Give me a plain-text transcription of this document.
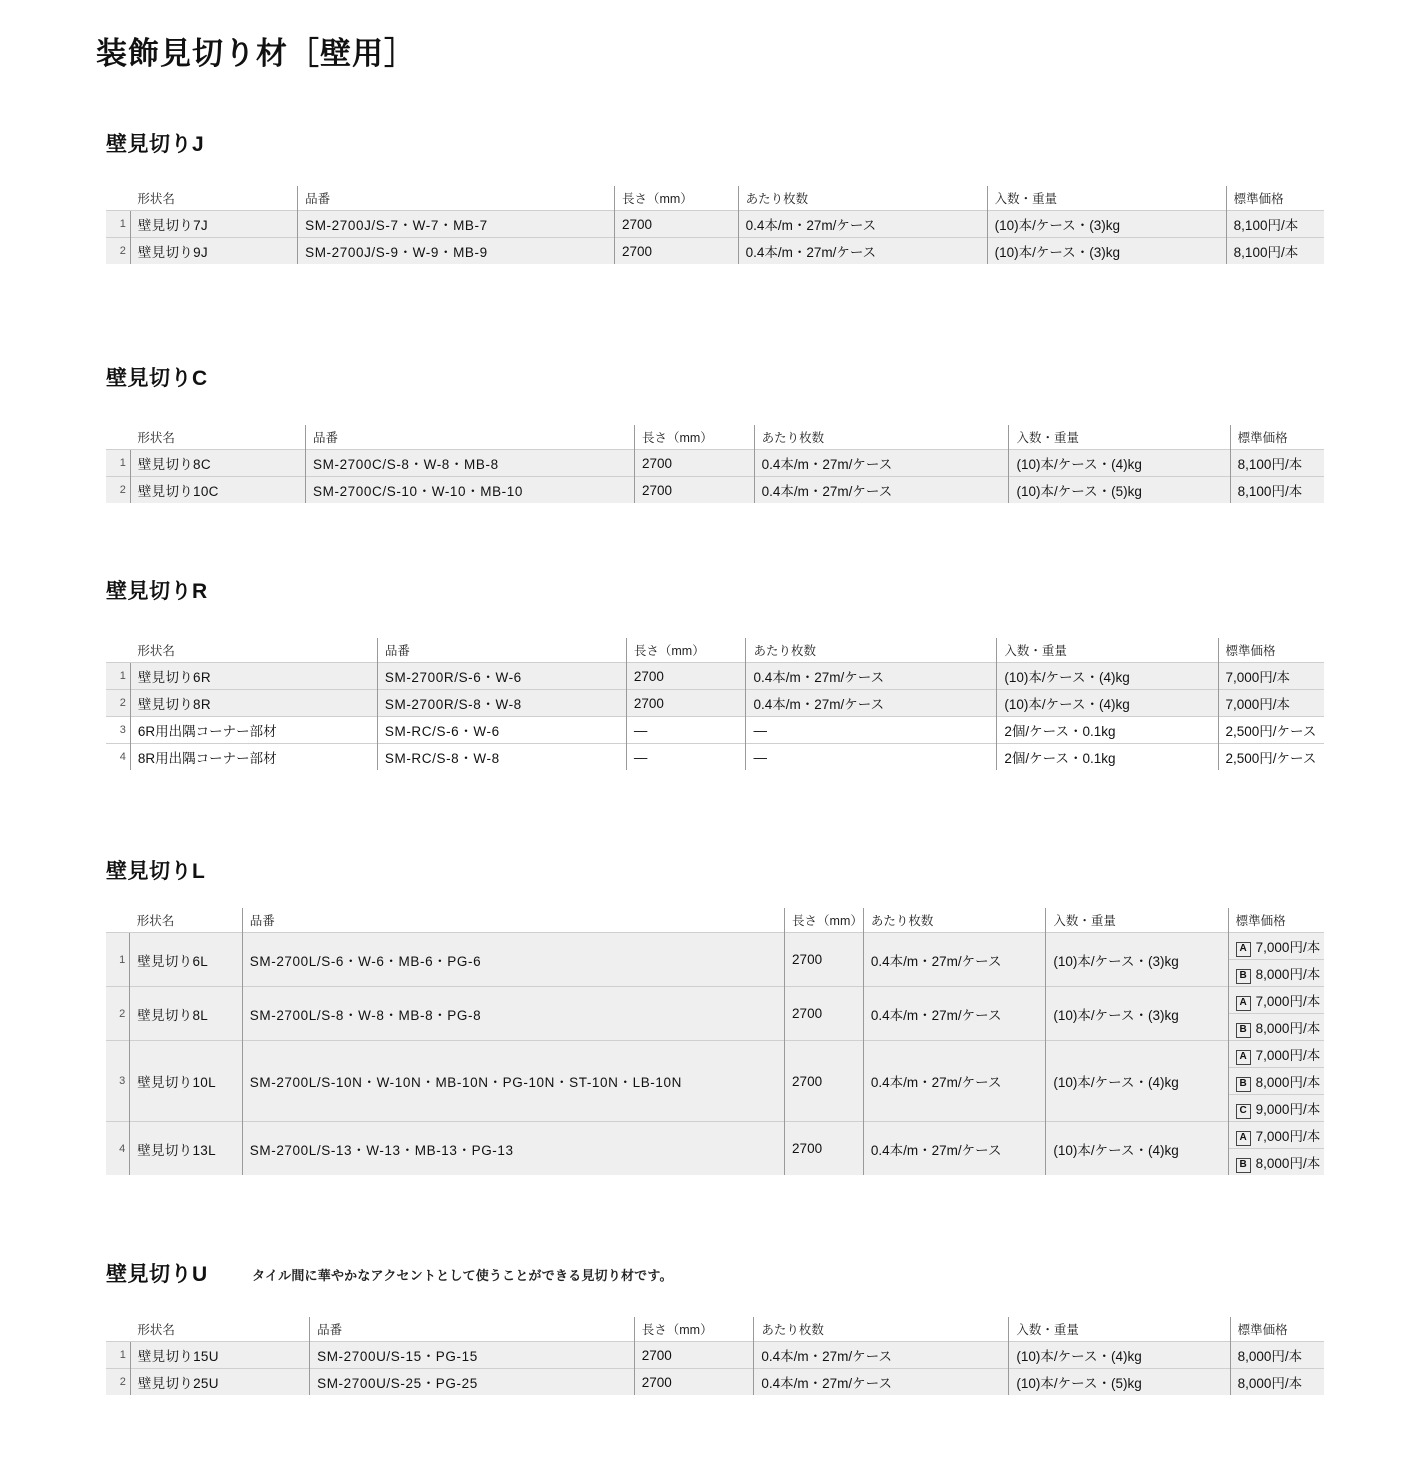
装飾見切り材［壁用］
壁見切りJ
	形状名	品番	長さ（mm）	あたり枚数	入数・重量	標準価格
1	壁見切り7J	SM-2700J/S-7・W-7・MB-7	2700	0.4本/m・27m/ケース	(10)本/ケース・(3)kg	8,100円/本
2	壁見切り9J	SM-2700J/S-9・W-9・MB-9	2700	0.4本/m・27m/ケース	(10)本/ケース・(3)kg	8,100円/本
壁見切りC
	形状名	品番	長さ（mm）	あたり枚数	入数・重量	標準価格
1	壁見切り8C	SM-2700C/S-8・W-8・MB-8	2700	0.4本/m・27m/ケース	(10)本/ケース・(4)kg	8,100円/本
2	壁見切り10C	SM-2700C/S-10・W-10・MB-10	2700	0.4本/m・27m/ケース	(10)本/ケース・(5)kg	8,100円/本
壁見切りR
	形状名	品番	長さ（mm）	あたり枚数	入数・重量	標準価格
1	壁見切り6R	SM-2700R/S-6・W-6	2700	0.4本/m・27m/ケース	(10)本/ケース・(4)kg	7,000円/本
2	壁見切り8R	SM-2700R/S-8・W-8	2700	0.4本/m・27m/ケース	(10)本/ケース・(4)kg	7,000円/本
3	6R用出隅コーナー部材	SM-RC/S-6・W-6	—	—	2個/ケース・0.1kg	2,500円/ケース
4	8R用出隅コーナー部材	SM-RC/S-8・W-8	—	—	2個/ケース・0.1kg	2,500円/ケース
壁見切りL
	形状名	品番	長さ（mm）	あたり枚数	入数・重量	標準価格
1	壁見切り6L	SM-2700L/S-6・W-6・MB-6・PG-6	2700	0.4本/m・27m/ケース	(10)本/ケース・(3)kg	A 7,000円/本
						B 8,000円/本
2	壁見切り8L	SM-2700L/S-8・W-8・MB-8・PG-8	2700	0.4本/m・27m/ケース	(10)本/ケース・(3)kg	A 7,000円/本
						B 8,000円/本
3	壁見切り10L	SM-2700L/S-10N・W-10N・MB-10N・PG-10N・ST-10N・LB-10N	2700	0.4本/m・27m/ケース	(10)本/ケース・(4)kg	A 7,000円/本
						B 8,000円/本
						C 9,000円/本
4	壁見切り13L	SM-2700L/S-13・W-13・MB-13・PG-13	2700	0.4本/m・27m/ケース	(10)本/ケース・(4)kg	A 7,000円/本
						B 8,000円/本
壁見切りU	タイル間に華やかなアクセントとして使うことができる見切り材です。
	形状名	品番	長さ（mm）	あたり枚数	入数・重量	標準価格
1	壁見切り15U	SM-2700U/S-15・PG-15	2700	0.4本/m・27m/ケース	(10)本/ケース・(4)kg	8,000円/本
2	壁見切り25U	SM-2700U/S-25・PG-25	2700	0.4本/m・27m/ケース	(10)本/ケース・(5)kg	8,000円/本
